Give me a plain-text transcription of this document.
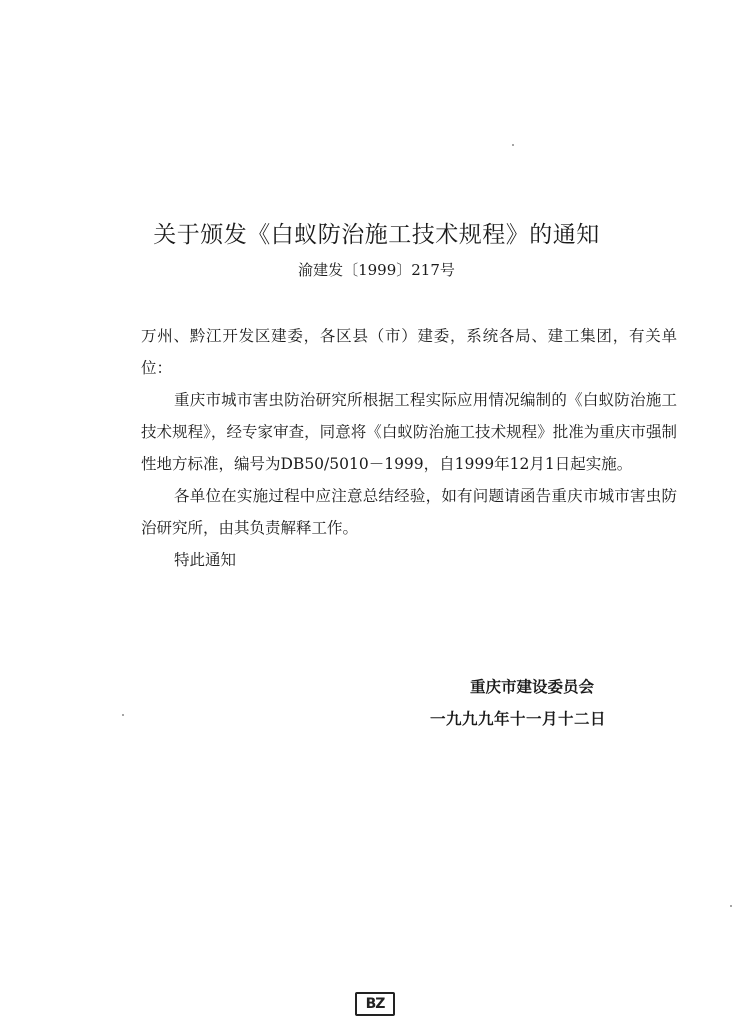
关于颁发《白蚁防治施工技术规程》的通知
渝建发〔1999〕217号

万州、黔江开发区建委，各区县（市）建委，系统各局、建工集团，有关单位：

重庆市城市害虫防治研究所根据工程实际应用情况编制的《白蚁防治施工技术规程》，经专家审查，同意将《白蚁防治施工技术规程》批准为重庆市强制性地方标准，编号为DB50/5010－1999，自1999年12月1日起实施。

各单位在实施过程中应注意总结经验，如有问题请函告重庆市城市害虫防治研究所，由其负责解释工作。

特此通知

重庆市建设委员会
一九九九年十一月十二日
BZ
